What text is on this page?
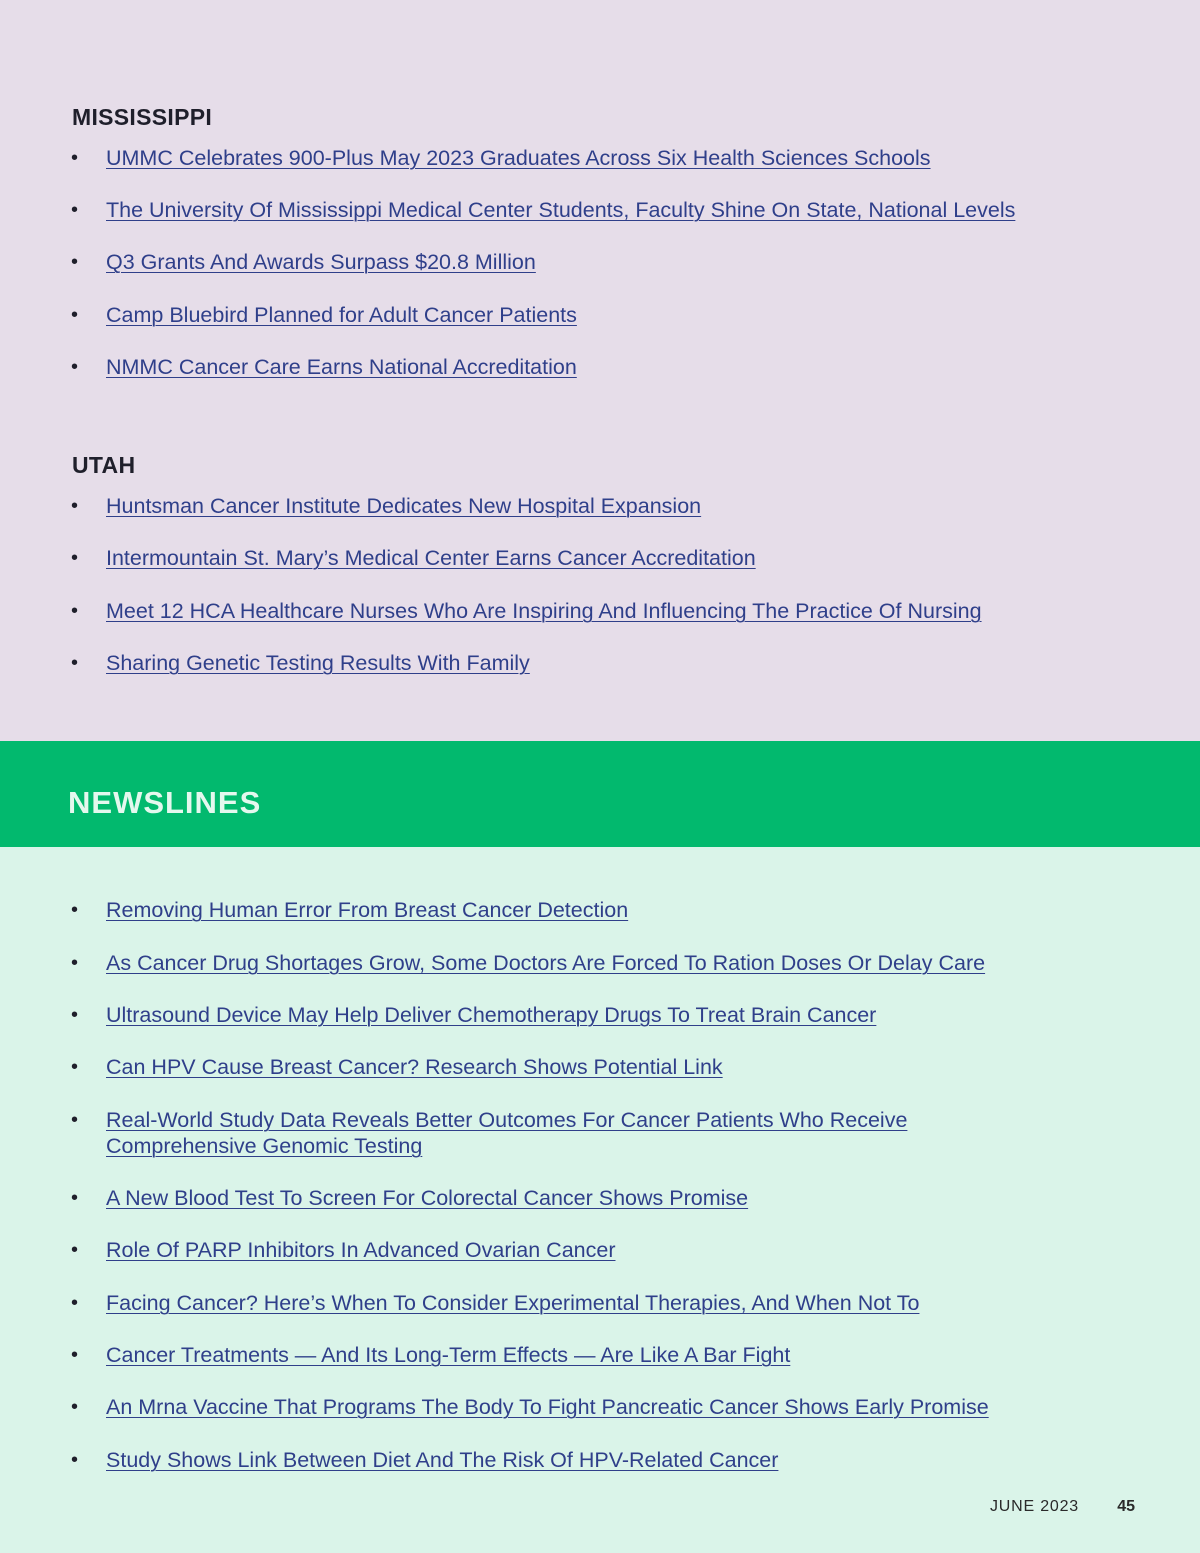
MISSISSIPPI
• UMMC Celebrates 900-Plus May 2023 Graduates Across Six Health Sciences Schools
• The University Of Mississippi Medical Center Students, Faculty Shine On State, National Levels
• Q3 Grants And Awards Surpass $20.8 Million
• Camp Bluebird Planned for Adult Cancer Patients
• NMMC Cancer Care Earns National Accreditation
UTAH
• Huntsman Cancer Institute Dedicates New Hospital Expansion
• Intermountain St. Mary’s Medical Center Earns Cancer Accreditation
• Meet 12 HCA Healthcare Nurses Who Are Inspiring And Influencing The Practice Of Nursing
• Sharing Genetic Testing Results With Family
NEWSLINES
• Removing Human Error From Breast Cancer Detection
• As Cancer Drug Shortages Grow, Some Doctors Are Forced To Ration Doses Or Delay Care
• Ultrasound Device May Help Deliver Chemotherapy Drugs To Treat Brain Cancer
• Can HPV Cause Breast Cancer? Research Shows Potential Link
• Real-World Study Data Reveals Better Outcomes For Cancer Patients Who Receive Comprehensive Genomic Testing
• A New Blood Test To Screen For Colorectal Cancer Shows Promise
• Role Of PARP Inhibitors In Advanced Ovarian Cancer
• Facing Cancer? Here’s When To Consider Experimental Therapies, And When Not To
• Cancer Treatments — And Its Long-Term Effects — Are Like A Bar Fight
• An Mrna Vaccine That Programs The Body To Fight Pancreatic Cancer Shows Early Promise
• Study Shows Link Between Diet And The Risk Of HPV-Related Cancer
JUNE 2023 45
